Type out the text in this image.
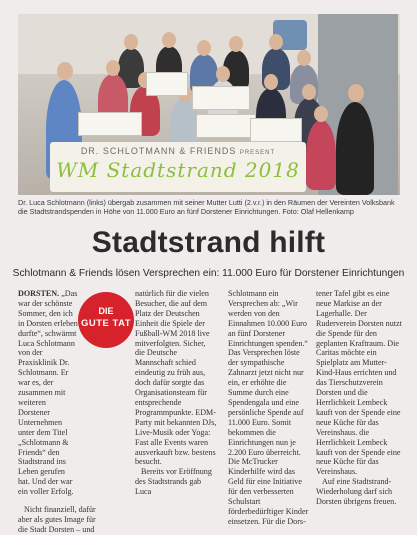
DR. SCHLOTMANN & FRIENDS PRESENT
WM Stadtstrand 2018
Dr. Luca Schlotmann (links) übergab zusammen mit seiner Mutter Lutti (2.v.r.) in den Räumen der Vereinten Volksbank die Stadtstrandspenden in Höhe von 11.000 Euro an fünf Dorstener Einrichtungen. Foto: Olaf Hellenkamp
Stadtstrand hilft
Schlotmann & Friends lösen Versprechen ein: 11.000 Euro für Dorstener Einrichtungen
DIE
GUTE TAT

DORSTEN. „Das war der schönste Sommer, den ich in Dorsten erleben durfte“, schwärmt Luca Schlotmann von der Praxisklinik Dr. Schlotmann. Er war es, der zusammen mit weiteren Dorstener Unternehmen unter dem Titel „Schlotmann & Friends“ den Stadtstrand ins Leben gerufen hat. Und der war ein voller Erfolg.

Nicht finanziell, dafür aber als gutes Image für die Stadt Dorsten – und

natürlich für die vielen Besucher, die auf dem Platz der Deutschen Einheit die Spiele der Fußball-WM 2018 live mitverfolgten. Sicher, die Deutsche Mannschaft schied eindeutig zu früh aus, doch dafür sorgte das Organisationsteam für entsprechende Programmpunkte. EDM-Party mit bekannten DJs, Live-Musik oder Yoga: Fast alle Events waren ausverkauft bzw. bestens besucht.

Bereits vor Eröffnung des Stadtstrands gab Luca

Schlotmann ein Versprechen ab: „Wir werden von den Einnahmen 10.000 Euro an fünf Dorstener Einrichtungen spenden.“ Das Versprechen löste der sympathische Zahnarzt jetzt nicht nur ein, er erhöhte die Summe durch eine Spendengala und eine persönliche Spende auf 11.000 Euro. Somit bekommen die Einrichtungen nun je 2.200 Euro überreicht. Die McTrucker Kinderhilfe wird das Geld für eine Initiative für den verbesserten Schulstart förderbedürftiger Kinder einsetzen. Für die Dors-

tener Tafel gibt es eine neue Markise an der Lagerhalle. Der Ruderverein Dorsten nutzt die Spende für den geplanten Kraftraum. Die Caritas möchte ein Spielplatz am Mutter-Kind-Haus errichten und das Tierschutzverein Dorsten und die Herrlichkeit Lembeck kauft von der Spende eine neue Küche für das Vereinshaus. die Herrlichkeit Lembeck kauft von der Spende eine neue Küche für das Vereinshaus.

Auf eine Stadtstrand-Wiederholung darf sich Dorsten übrigens freuen.
